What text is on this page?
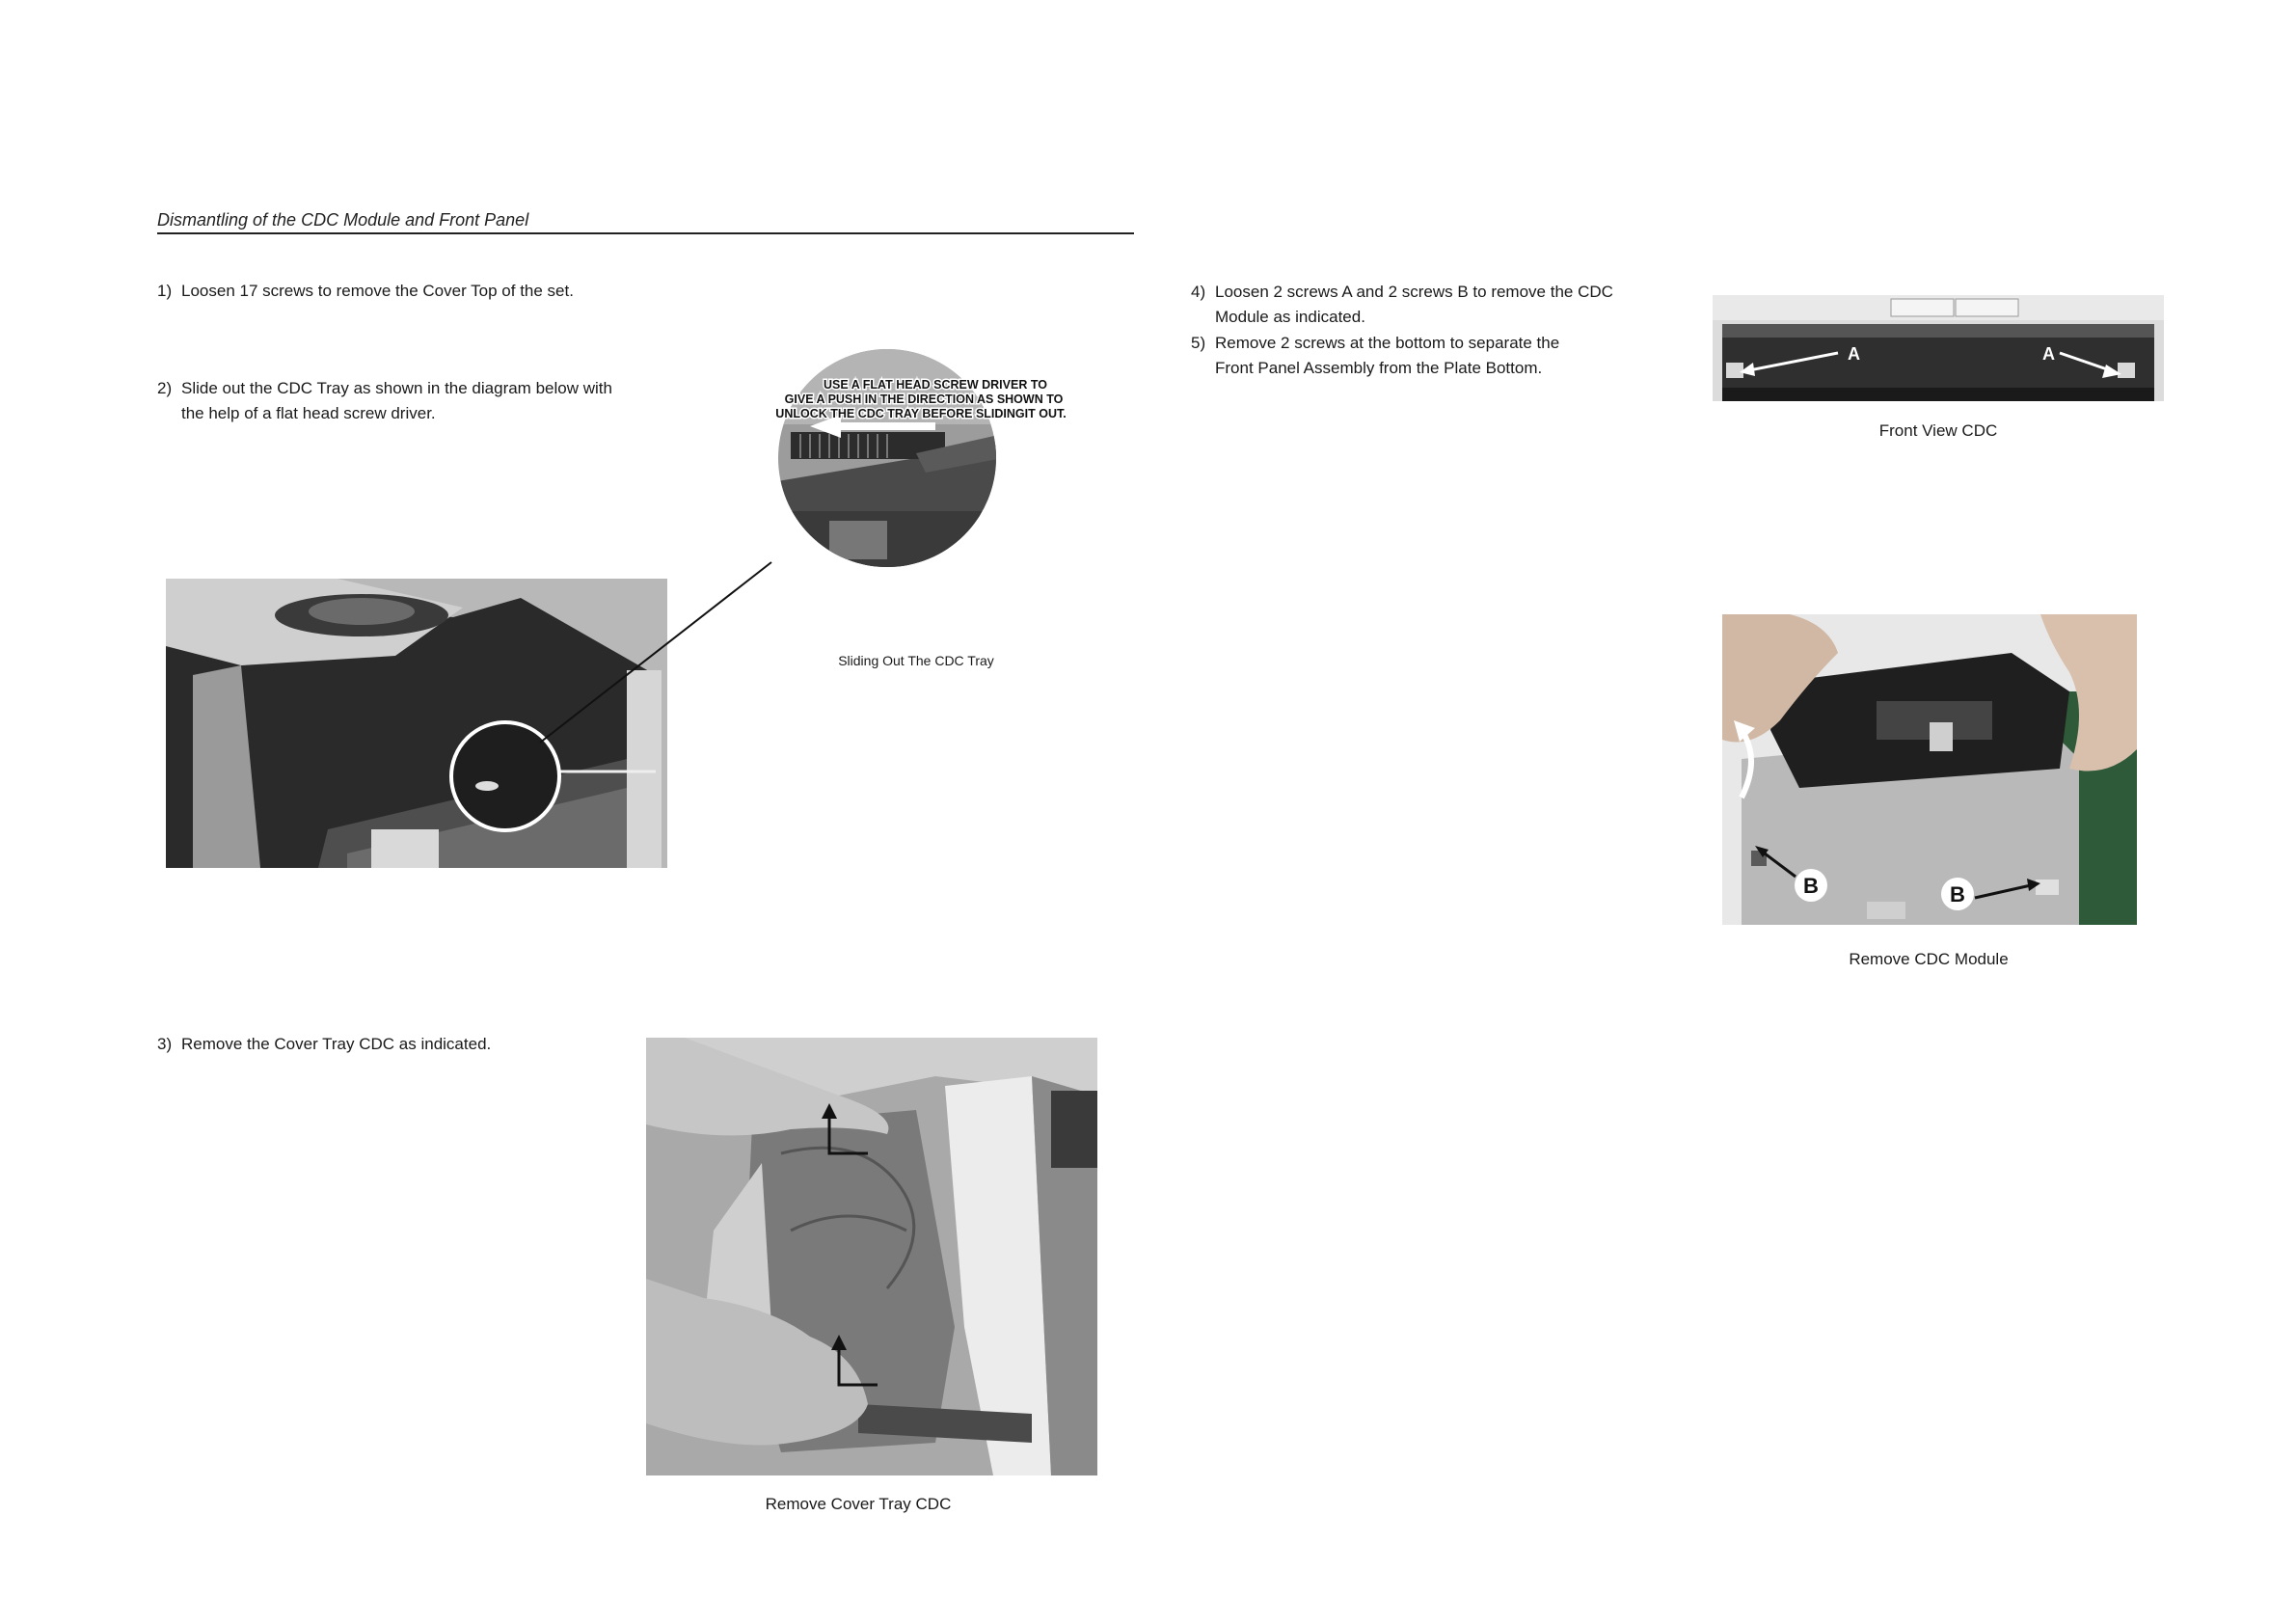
Dismantling of the CDC Module and Front Panel
1) Loosen 17 screws to remove the Cover Top of the set.
2) Slide out the CDC Tray as shown in the diagram below with
the help of a flat head screw driver.
3) Remove the Cover Tray CDC as indicated.
4) Loosen 2 screws A and 2 screws B to remove the CDC
Module as indicated.
5) Remove 2 screws at the bottom to separate the
Front Panel Assembly from the Plate Bottom.
USE A FLAT HEAD SCREW DRIVER TO
GIVE A PUSH IN THE DIRECTION AS SHOWN TO
UNLOCK THE CDC TRAY BEFORE SLIDINGIT OUT.
Sliding Out The CDC Tray
Remove Cover Tray CDC
A	A
Front View CDC
B	B
Remove CDC Module
